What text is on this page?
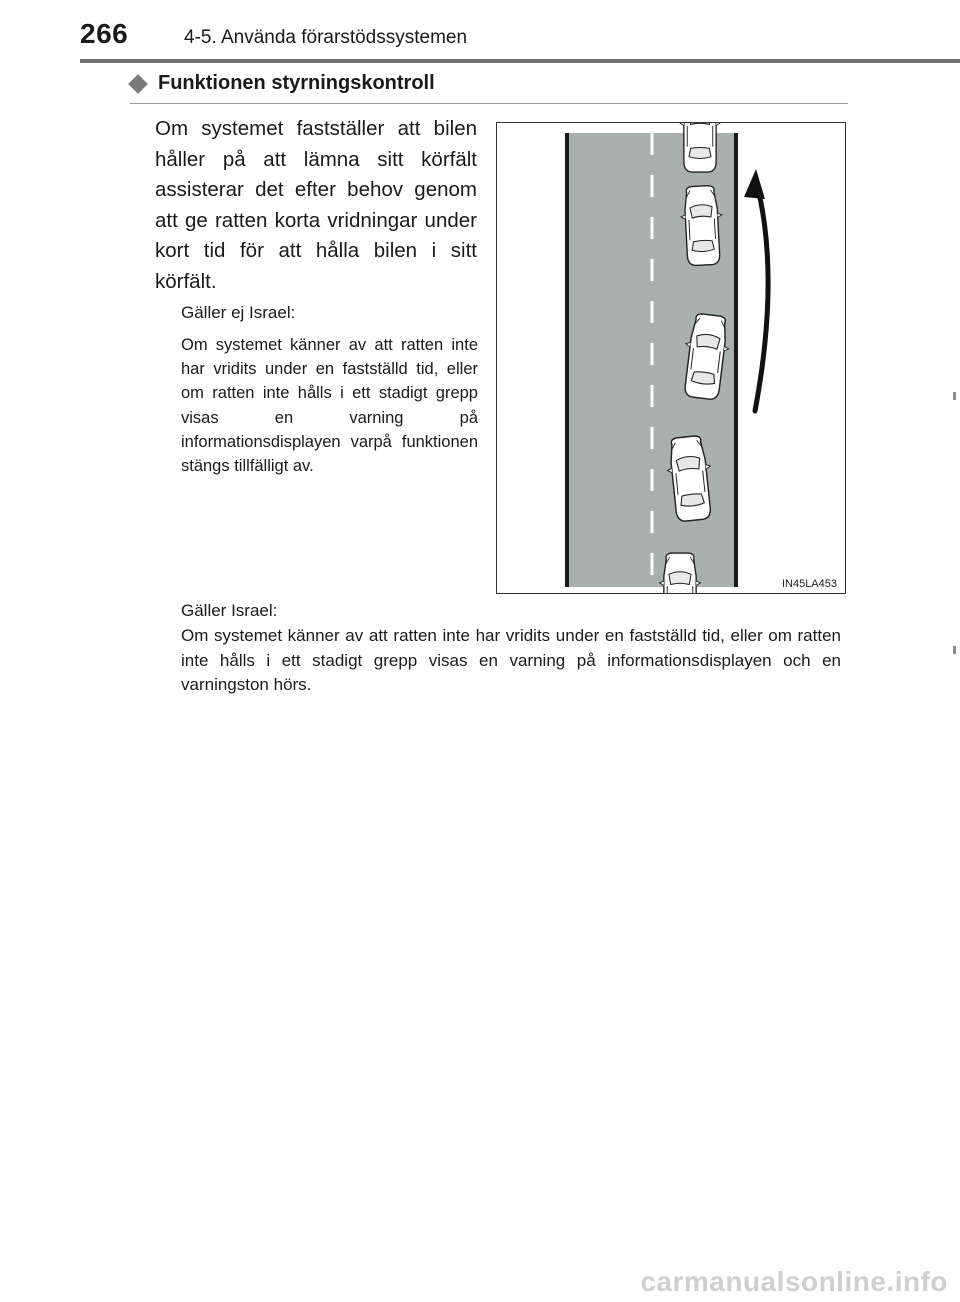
266	4-5. Använda förarstödssystemen
Funktionen styrningskontroll

Om systemet fastställer att bilen håller på att lämna sitt körfält assisterar det efter behov genom att ge ratten korta vridningar under kort tid för att hålla bilen i sitt körfält.

Gäller ej Israel:

Om systemet känner av att ratten inte har vridits under en fastställd tid, eller om ratten inte hålls i ett stadigt grepp visas en varning på informationsdisplayen varpå funktionen stängs tillfälligt av.

IN45LA453

Gäller Israel:

Om systemet känner av att ratten inte har vridits under en fastställd tid, eller om ratten inte hålls i ett stadigt grepp visas en varning på informationsdisplayen och en varningston hörs.

carmanualsonline.info
